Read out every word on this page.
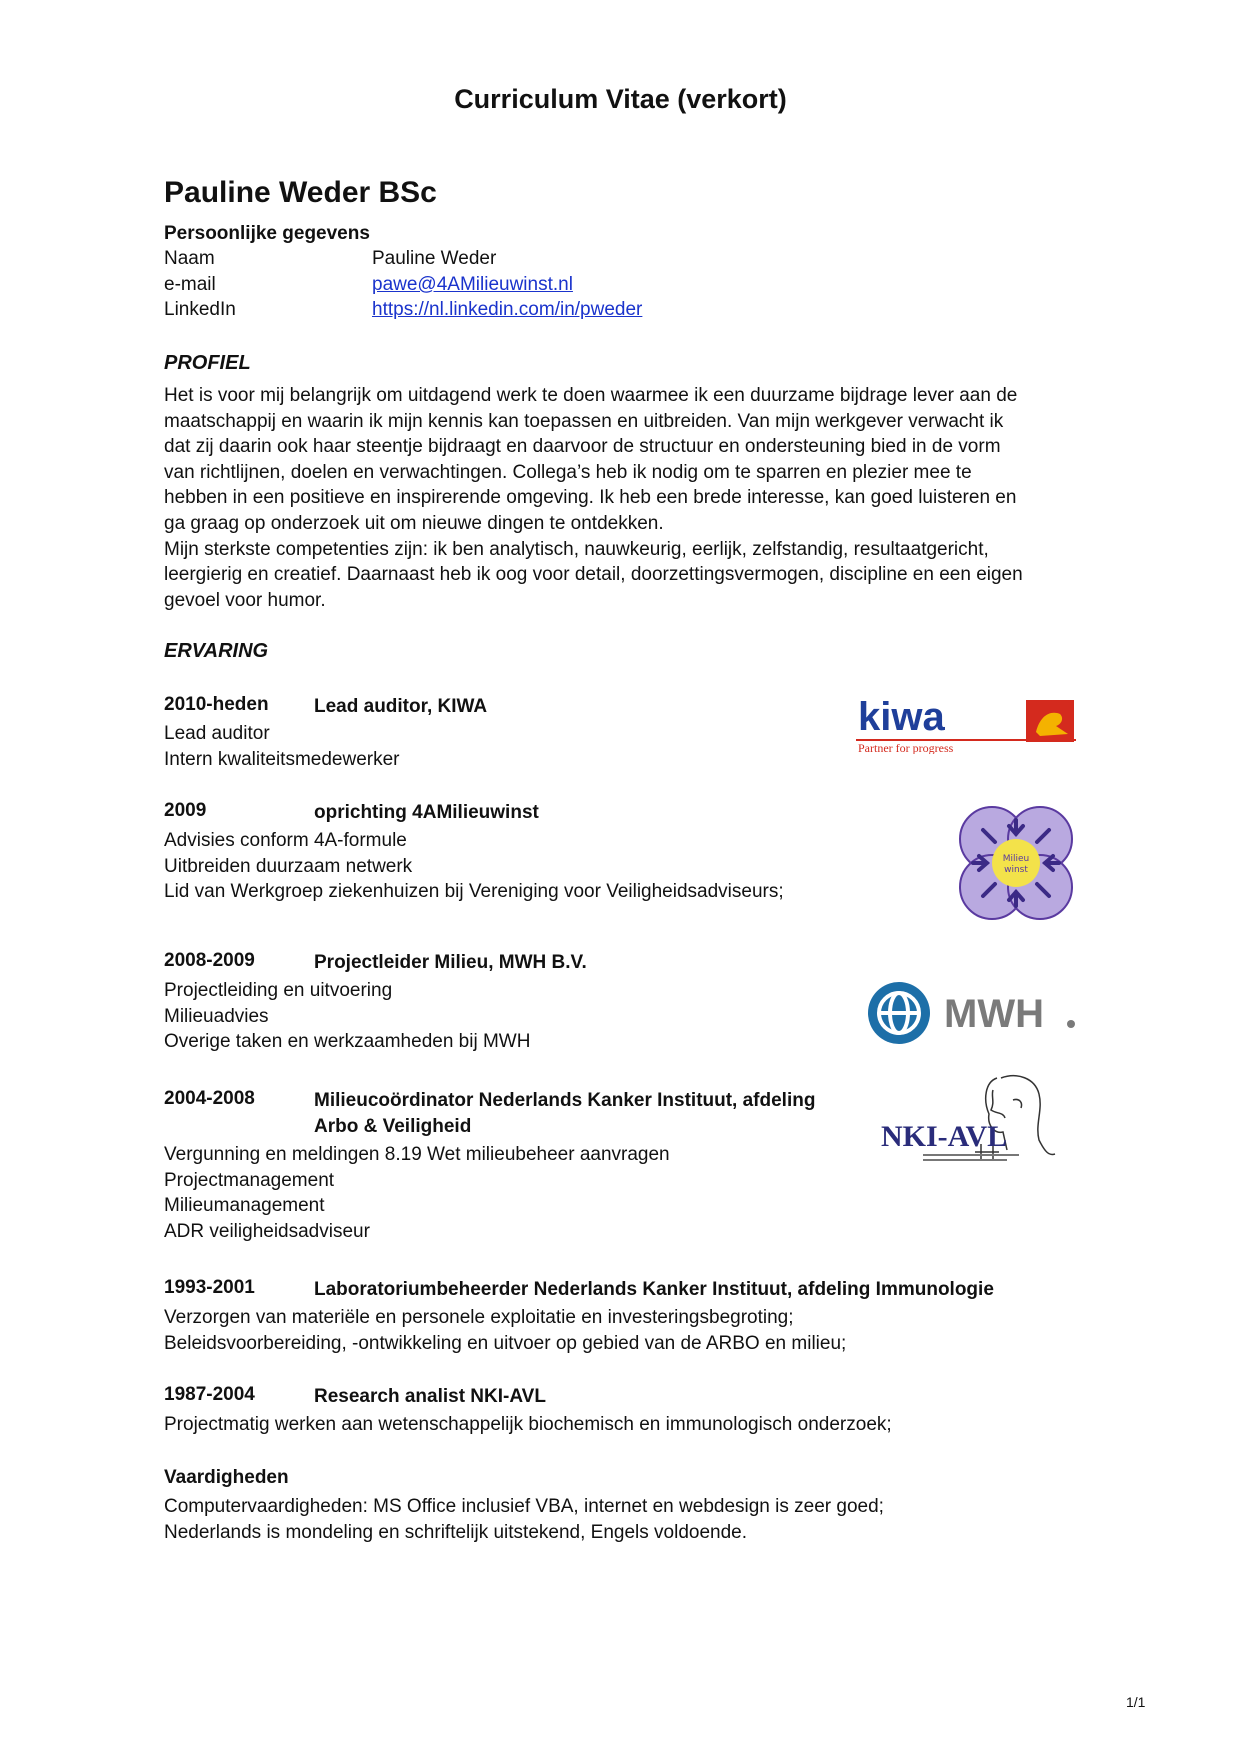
Curriculum Vitae (verkort)
Pauline Weder BSc
Persoonlijke gegevens
Naam	Pauline Weder
e-mail	pawe@4AMilieuwinst.nl
LinkedIn	https://nl.linkedin.com/in/pweder
PROFIEL

Het is voor mij belangrijk om uitdagend werk te doen waarmee ik een duurzame bijdrage lever aan de

maatschappij en waarin ik mijn kennis kan toepassen en uitbreiden. Van mijn werkgever verwacht ik

dat zij daarin ook haar steentje bijdraagt en daarvoor de structuur en ondersteuning bied in de vorm

van richtlijnen, doelen en verwachtingen. Collega’s heb ik nodig om te sparren en plezier mee te

hebben in een positieve en inspirerende omgeving. Ik heb een brede interesse, kan goed luisteren en

ga graag op onderzoek uit om nieuwe dingen te ontdekken.

Mijn sterkste competenties zijn: ik ben analytisch, nauwkeurig, eerlijk, zelfstandig, resultaatgericht,

leergierig en creatief. Daarnaast heb ik oog voor detail, doorzettingsvermogen, discipline en een eigen

gevoel voor humor.

ERVARING
2010-heden Lead auditor, KIWA
Lead auditor
Intern kwaliteitsmedewerker
2009	oprichting 4AMilieuwinst
Advisies conform 4A-formule
Uitbreiden duurzaam netwerk
Lid van Werkgroep ziekenhuizen bij Vereniging voor Veiligheidsadviseurs;
2008-2009	Projectleider Milieu, MWH B.V.
Projectleiding en uitvoering
Milieuadvies
Overige taken en werkzaamheden bij MWH
2004-2008	Milieucoördinator Nederlands Kanker Instituut, afdeling
Arbo & Veiligheid
Vergunning en meldingen 8.19 Wet milieubeheer aanvragen
Projectmanagement
Milieumanagement
ADR veiligheidsadviseur
1993-2001	Laboratoriumbeheerder Nederlands Kanker Instituut, afdeling Immunologie
Verzorgen van materiële en personele exploitatie en investeringsbegroting;
Beleidsvoorbereiding, -ontwikkeling en uitvoer op gebied van de ARBO en milieu;
1987-2004	Research analist NKI-AVL
Projectmatig werken aan wetenschappelijk biochemisch en immunologisch onderzoek;
Vaardigheden
Computervaardigheden: MS Office inclusief VBA, internet en webdesign is zeer goed;
Nederlands is mondeling en schriftelijk uitstekend, Engels voldoende.
kiwa
Partner for progress
Milieu
winst
MWH
NKI-AVL
1/1
